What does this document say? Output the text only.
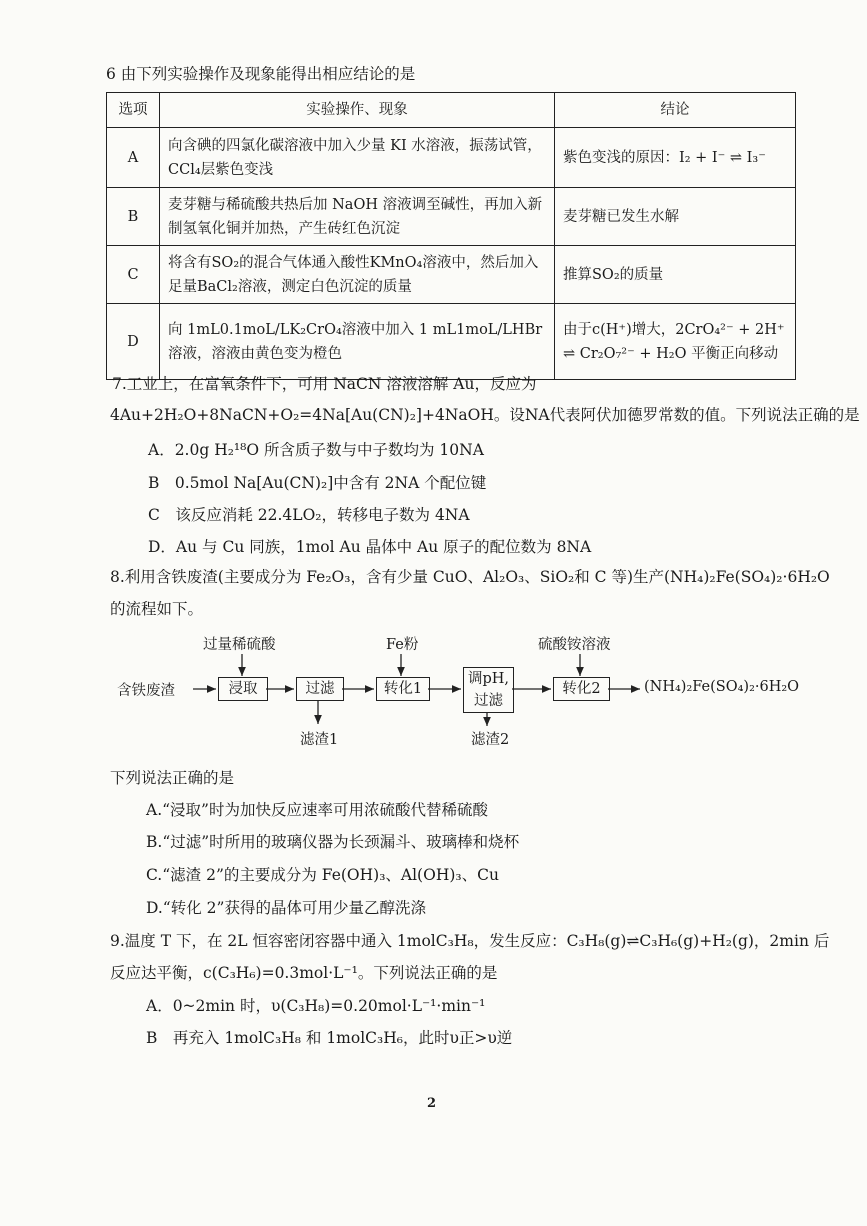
6 由下列实验操作及现象能得出相应结论的是
选项	实验操作、现象	结论
A	向含碘的四氯化碳溶液中加入少量 KI 水溶液，振荡试管，CCl₄层紫色变浅	紫色变浅的原因：I₂ + I⁻ ⇌ I₃⁻
B	麦芽糖与稀硫酸共热后加 NaOH 溶液调至碱性，再加入新制氢氧化铜并加热，产生砖红色沉淀	麦芽糖已发生水解
C	将含有SO₂的混合气体通入酸性KMnO₄溶液中，然后加入足量BaCl₂溶液，测定白色沉淀的质量	推算SO₂的质量
D	向 1mL0.1moL/LK₂CrO₄溶液中加入 1 mL1moL/LHBr 溶液，溶液由黄色变为橙色	由于c(H⁺)增大，2CrO₄²⁻ + 2H⁺ ⇌ Cr₂O₇²⁻ + H₂O 平衡正向移动
7.工业上，在富氧条件下，可用 NaCN 溶液溶解 Au，反应为
4Au+2H₂O+8NaCN+O₂=4Na[Au(CN)₂]+4NaOH。设NA代表阿伏加德罗常数的值。下列说法正确的是
A．2.0g H₂¹⁸O 所含质子数与中子数均为 10NA
B　0.5mol Na[Au(CN)₂]中含有 2NA 个配位键
C　该反应消耗 22.4LO₂，转移电子数为 4NA
D．Au 与 Cu 同族，1mol Au 晶体中 Au 原子的配位数为 8NA
8.利用含铁废渣(主要成分为 Fe₂O₃，含有少量 CuO、Al₂O₃、SiO₂和 C 等)生产(NH₄)₂Fe(SO₄)₂·6H₂O
的流程如下。
含铁废渣
过量稀硫酸	Fe粉	硫酸铵溶液
浸取	过滤	转化1
调pH,
过滤
转化2	(NH₄)₂Fe(SO₄)₂·6H₂O
滤渣1	滤渣2
下列说法正确的是
A.“浸取”时为加快反应速率可用浓硫酸代替稀硫酸
B.“过滤”时所用的玻璃仪器为长颈漏斗、玻璃棒和烧杯
C.“滤渣 2”的主要成分为 Fe(OH)₃、Al(OH)₃、Cu
D.“转化 2”获得的晶体可用少量乙醇洗涤
9.温度 T 下，在 2L 恒容密闭容器中通入 1molC₃H₈，发生反应：C₃H₈(g)⇌C₃H₆(g)+H₂(g)，2min 后
反应达平衡，c(C₃H₆)=0.3mol·L⁻¹。下列说法正确的是
A．0~2min 时，υ(C₃H₈)=0.20mol·L⁻¹·min⁻¹
B　再充入 1molC₃H₈ 和 1molC₃H₆，此时υ正>υ逆
2
